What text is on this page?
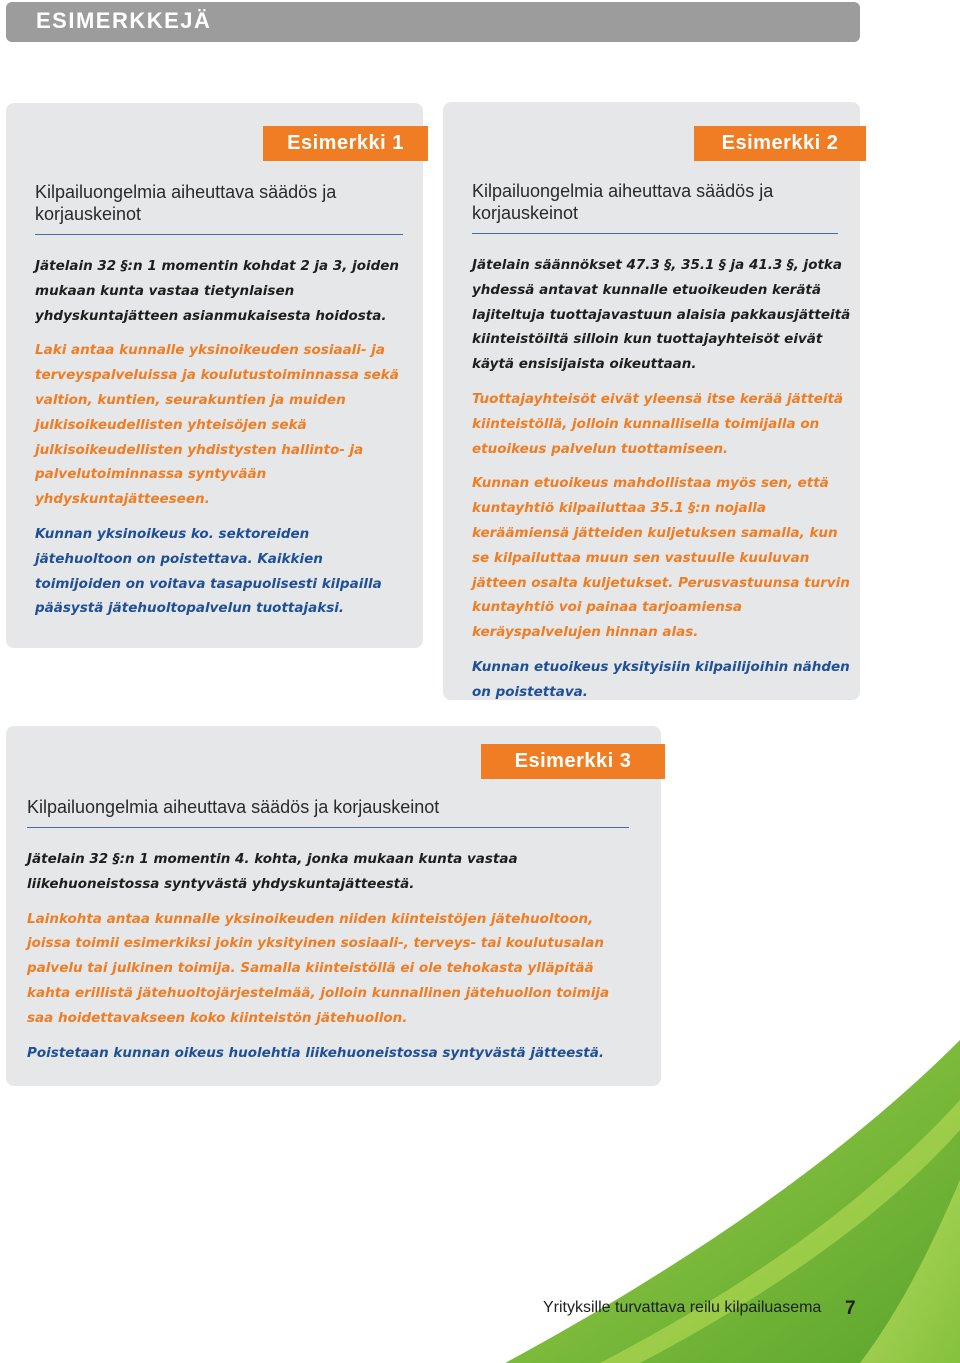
ESIMERKKEJÄ
Esimerkki 1
Kilpailuongelmia aiheuttava säädös ja
korjauskeinot

Jätelain 32 §:n 1 momentin kohdat 2 ja 3, joiden mukaan kunta vastaa tietynlaisen yhdyskuntajätteen asianmukaisesta hoidosta.

Laki antaa kunnalle yksinoikeuden sosiaali- ja terveyspalveluissa ja koulutustoiminnassa sekä valtion, kuntien, seurakuntien ja muiden julkisoikeudellisten yhteisöjen sekä julkisoikeudellisten yhdistysten hallinto- ja palvelutoiminnassa syntyvään yhdyskuntajätteeseen.

Kunnan yksinoikeus ko. sektoreiden jätehuoltoon on poistettava. Kaikkien toimijoiden on voitava tasapuolisesti kilpailla pääsystä jätehuoltopalvelun tuottajaksi.

Esimerkki 2
Kilpailuongelmia aiheuttava säädös ja
korjauskeinot

Jätelain säännökset 47.3 §, 35.1 § ja 41.3 §, jotka yhdessä antavat kunnalle etuoikeuden kerätä lajiteltuja tuottajavastuun alaisia pakkausjätteitä kiinteistöiltä silloin kun tuottajayhteisöt eivät käytä ensisijaista oikeuttaan.

Tuottajayhteisöt eivät yleensä itse kerää jätteitä kiinteistöllä, jolloin kunnallisella toimijalla on etuoikeus palvelun tuottamiseen.

Kunnan etuoikeus mahdollistaa myös sen, että kuntayhtiö kilpailuttaa 35.1 §:n nojalla keräämiensä jätteiden kuljetuksen samalla, kun se kilpailuttaa muun sen vastuulle kuuluvan jätteen osalta kuljetukset. Perusvastuunsa turvin kuntayhtiö voi painaa tarjoamiensa keräyspalvelujen hinnan alas.

Kunnan etuoikeus yksityisiin kilpailijoihin nähden on poistettava.

Esimerkki 3
Kilpailuongelmia aiheuttava säädös ja korjauskeinot

Jätelain 32 §:n 1 momentin 4. kohta, jonka mukaan kunta vastaa liikehuoneistossa syntyvästä yhdyskuntajätteestä.

Lainkohta antaa kunnalle yksinoikeuden niiden kiinteistöjen jätehuoltoon, joissa toimii esimerkiksi jokin yksityinen sosiaali-, terveys- tai koulutusalan palvelu tai julkinen toimija. Samalla kiinteistöllä ei ole tehokasta ylläpitää kahta erillistä jätehuoltojärjestelmää, jolloin kunnallinen jätehuollon toimija saa hoidettavakseen koko kiinteistön jätehuollon.

Poistetaan kunnan oikeus huolehtia liikehuoneistossa syntyvästä jätteestä.

Yrityksille turvattava reilu kilpailuasema 7
